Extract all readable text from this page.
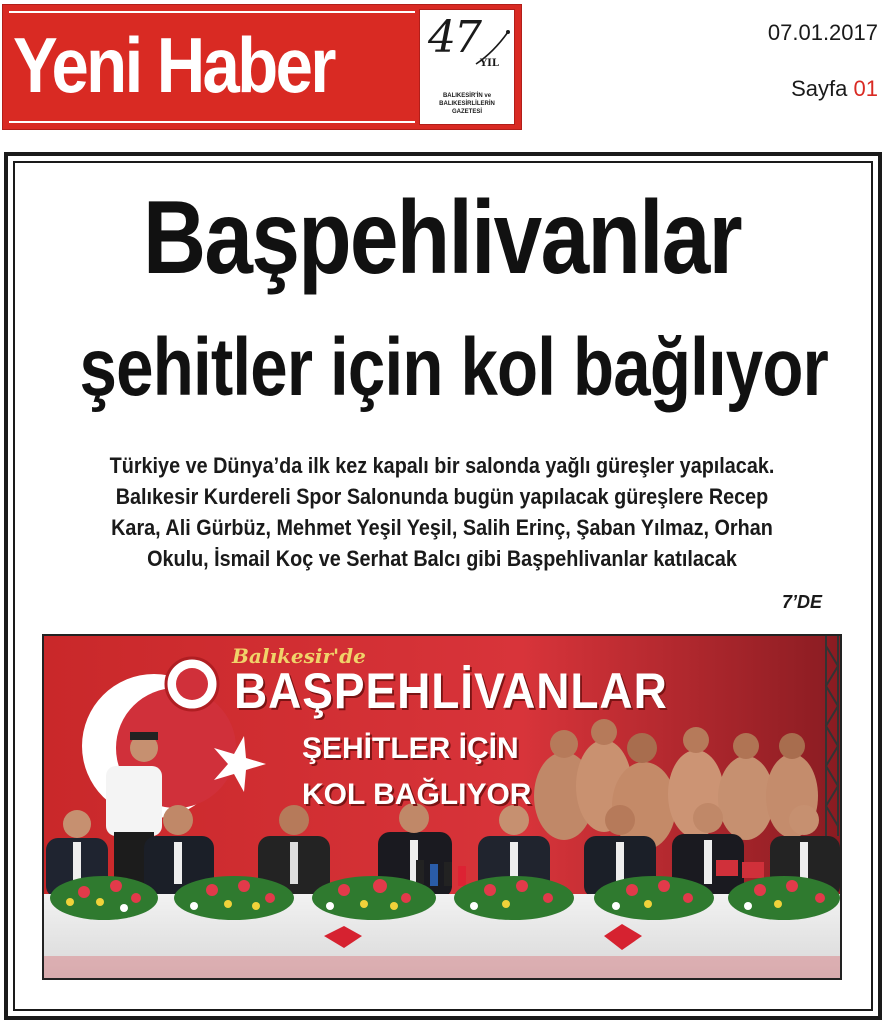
Yeni Haber 47
YIL
BALIKESİR'İN ve BALIKESİRLİLERİN GAZETESİ
07.01.2017
Sayfa 01
Başpehlivanlar
şehitler için kol bağlıyor
Türkiye ve Dünya’da ilk kez kapalı bir salonda yağlı güreşler yapılacak.
Balıkesir Kurdereli Spor Salonunda bugün yapılacak güreşlere Recep
Kara, Ali Gürbüz, Mehmet Yeşil Yeşil, Salih Erinç, Şaban Yılmaz, Orhan
Okulu, İsmail Koç ve Serhat Balcı gibi Başpehlivanlar katılacak
7’DE
Balıkesir'de
BAŞPEHLİVANLAR
ŞEHİTLER İÇİN
KOL BAĞLIYOR
